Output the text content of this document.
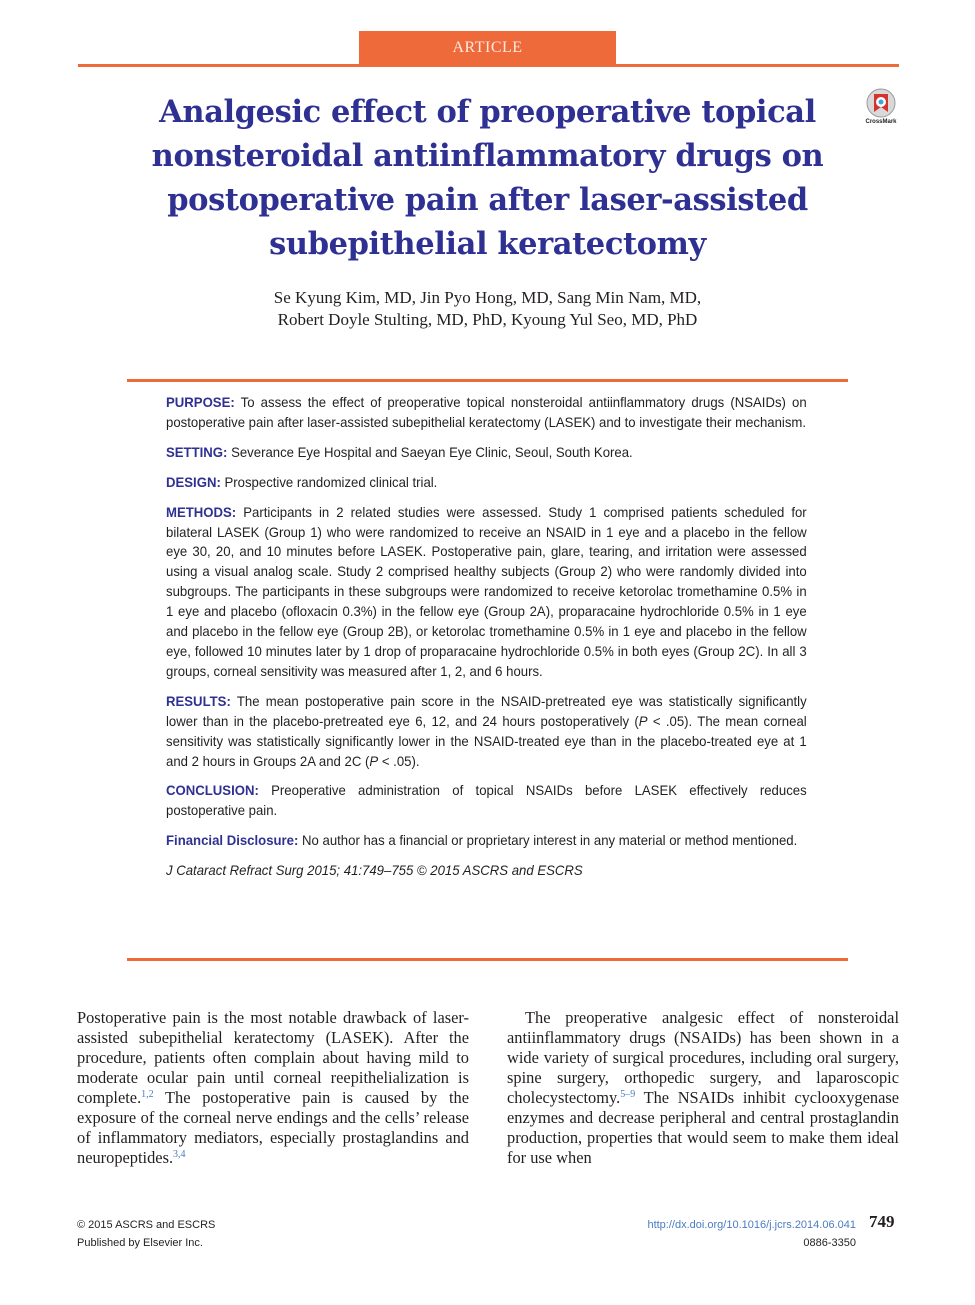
ARTICLE
Analgesic effect of preoperative topical nonsteroidal antiinflammatory drugs on postoperative pain after laser-assisted subepithelial keratectomy
CrossMark
Se Kyung Kim, MD, Jin Pyo Hong, MD, Sang Min Nam, MD,
Robert Doyle Stulting, MD, PhD, Kyoung Yul Seo, MD, PhD

PURPOSE: To assess the effect of preoperative topical nonsteroidal antiinflammatory drugs (NSAIDs) on postoperative pain after laser-assisted subepithelial keratectomy (LASEK) and to investigate their mechanism.

SETTING: Severance Eye Hospital and Saeyan Eye Clinic, Seoul, South Korea.

DESIGN: Prospective randomized clinical trial.

METHODS: Participants in 2 related studies were assessed. Study 1 comprised patients scheduled for bilateral LASEK (Group 1) who were randomized to receive an NSAID in 1 eye and a placebo in the fellow eye 30, 20, and 10 minutes before LASEK. Postoperative pain, glare, tearing, and irritation were assessed using a visual analog scale. Study 2 comprised healthy subjects (Group 2) who were randomly divided into subgroups. The participants in these subgroups were randomized to receive ketorolac tromethamine 0.5% in 1 eye and placebo (ofloxacin 0.3%) in the fellow eye (Group 2A), proparacaine hydrochloride 0.5% in 1 eye and placebo in the fellow eye (Group 2B), or ketorolac tromethamine 0.5% in 1 eye and placebo in the fellow eye, followed 10 minutes later by 1 drop of proparacaine hydrochloride 0.5% in both eyes (Group 2C). In all 3 groups, corneal sensitivity was measured after 1, 2, and 6 hours.

RESULTS: The mean postoperative pain score in the NSAID-pretreated eye was statistically significantly lower than in the placebo-pretreated eye 6, 12, and 24 hours postoperatively (P < .05). The mean corneal sensitivity was statistically significantly lower in the NSAID-treated eye than in the placebo-treated eye at 1 and 2 hours in Groups 2A and 2C (P < .05).

CONCLUSION: Preoperative administration of topical NSAIDs before LASEK effectively reduces postoperative pain.

Financial Disclosure: No author has a financial or proprietary interest in any material or method mentioned.

J Cataract Refract Surg 2015; 41:749–755 © 2015 ASCRS and ESCRS

Postoperative pain is the most notable drawback of laser-assisted subepithelial keratectomy (LASEK). After the procedure, patients often complain about having mild to moderate ocular pain until corneal reepithelialization is complete.$^{1,2}$ The postoperative pain is caused by the exposure of the corneal nerve endings and the cells’ release of inflammatory mediators, especially prostaglandins and neuropeptides.$^{3,4}$

The preoperative analgesic effect of nonsteroidal antiinflammatory drugs (NSAIDs) has been shown in a wide variety of surgical procedures, including oral surgery, spine surgery, orthopedic surgery, and laparoscopic cholecystectomy.$^{5-9}$ The NSAIDs inhibit cyclooxygenase enzymes and decrease peripheral and central prostaglandin production, properties that would seem to make them ideal for use when

© 2015 ASCRS and ESCRS
Published by Elsevier Inc.
http://dx.doi.org/10.1016/j.jcrs.2014.06.041
0886-3350
749
